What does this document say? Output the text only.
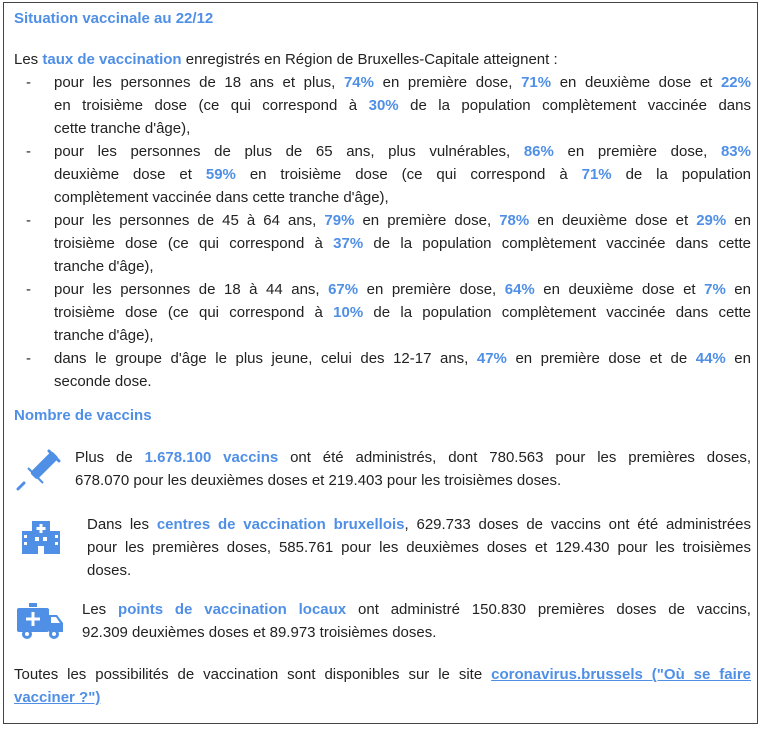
Situation vaccinale au 22/12
Les taux de vaccination enregistrés en Région de Bruxelles-Capitale atteignent :
- pour les personnes de 18 ans et plus, 74% en première dose, 71% en deuxième dose et 22%
en troisième dose (ce qui correspond à 30% de la population complètement vaccinée dans
cette tranche d'âge),
- pour les personnes de plus de 65 ans, plus vulnérables, 86% en première dose, 83%
deuxième dose et 59% en troisième dose (ce qui correspond à 71% de la population
complètement vaccinée dans cette tranche d'âge),
- pour les personnes de 45 à 64 ans, 79% en première dose, 78% en deuxième dose et 29% en
troisième dose (ce qui correspond à 37% de la population complètement vaccinée dans cette
tranche d'âge),
- pour les personnes de 18 à 44 ans, 67% en première dose, 64% en deuxième dose et 7% en
troisième dose (ce qui correspond à 10% de la population complètement vaccinée dans cette
tranche d'âge),
- dans le groupe d'âge le plus jeune, celui des 12-17 ans, 47% en première dose et de 44% en
seconde dose.
Nombre de vaccins
Plus de 1.678.100 vaccins ont été administrés, dont 780.563 pour les premières doses,
678.070 pour les deuxièmes doses et 219.403 pour les troisièmes doses.
Dans les centres de vaccination bruxellois, 629.733 doses de vaccins ont été administrées
pour les premières doses, 585.761 pour les deuxièmes doses et 129.430 pour les troisièmes
doses.
Les points de vaccination locaux ont administré 150.830 premières doses de vaccins,
92.309 deuxièmes doses et 89.973 troisièmes doses.
Toutes les possibilités de vaccination sont disponibles sur le site coronavirus.brussels ("Où se faire
vacciner ?")
